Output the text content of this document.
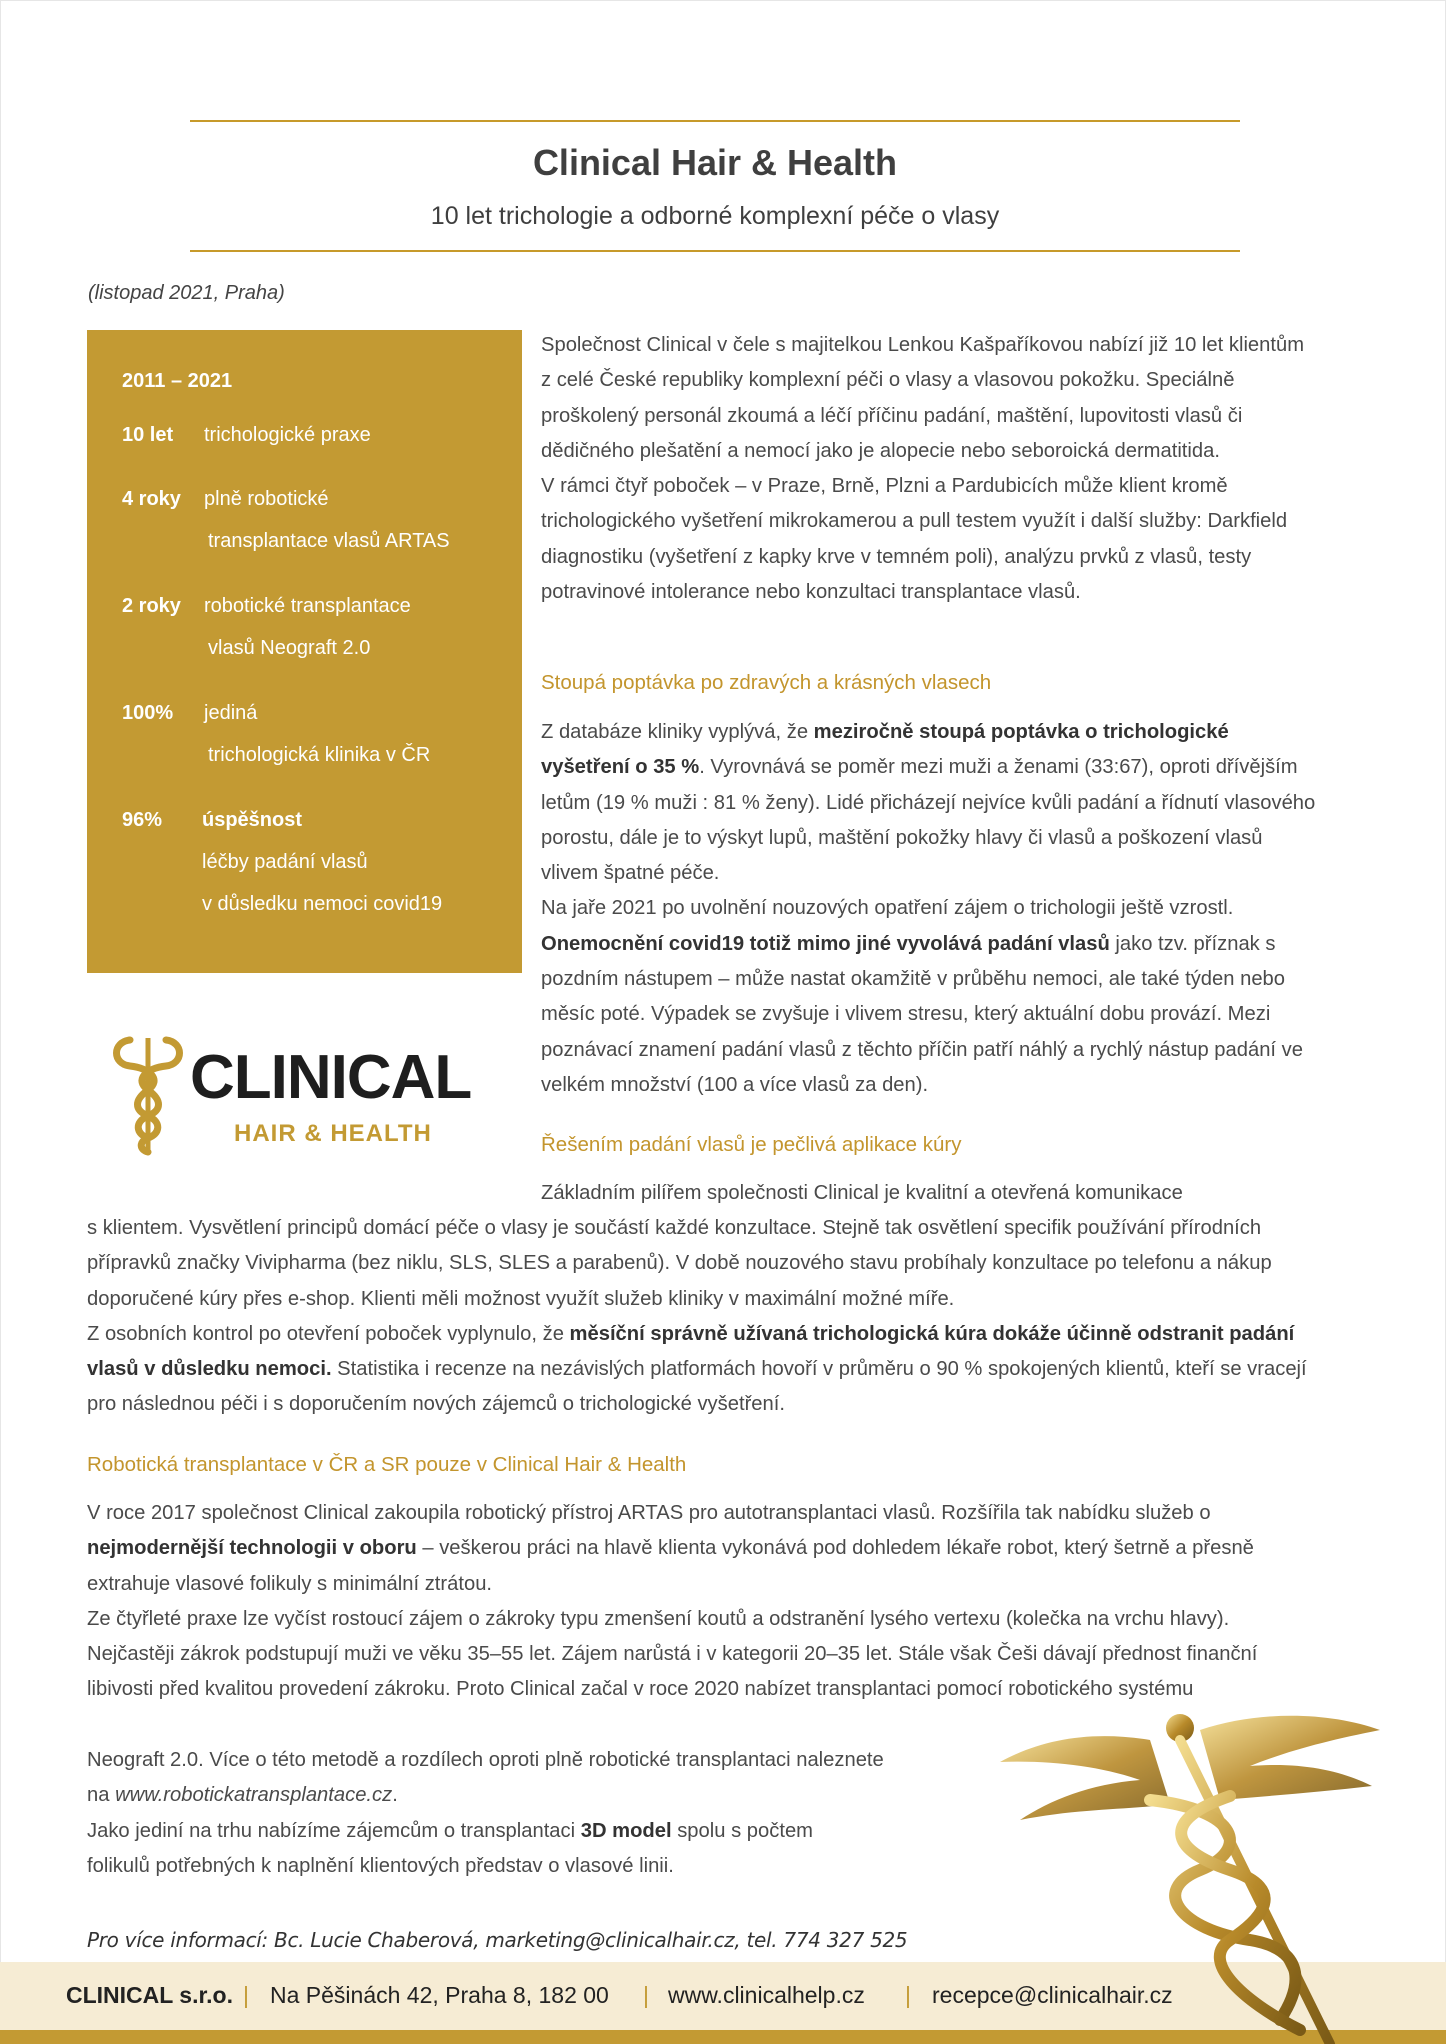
Clinical Hair & Health
10 let trichologie a odborné komplexní péče o vlasy
(listopad 2021, Praha)
2011 – 2021
10 let trichologické praxe
4 roky plně robotické
transplantace vlasů ARTAS
2 roky robotické transplantace
vlasů Neograft 2.0
100% jediná
trichologická klinika v ČR
96% úspěšnost
léčby padání vlasů
v důsledku nemoci covid19
CLINICAL
HAIR & HEALTH

Společnost Clinical v čele s majitelkou Lenkou Kašpaříkovou nabízí již 10 let klientům z celé České republiky komplexní péči o vlasy a vlasovou pokožku. Speciálně proškolený personál zkoumá a léčí příčinu padání, maštění, lupovitosti vlasů či dědičného plešatění a nemocí jako je alopecie nebo seboroická dermatitida.

V rámci čtyř poboček – v Praze, Brně, Plzni a Pardubicích může klient kromě trichologického vyšetření mikrokamerou a pull testem využít i další služby: Darkfield diagnostiku (vyšetření z kapky krve v temném poli), analýzu prvků z vlasů, testy potravinové intolerance nebo konzultaci transplantace vlasů.

Stoupá poptávka po zdravých a krásných vlasech

Z databáze kliniky vyplývá, že meziročně stoupá poptávka o trichologické vyšetření o 35 %. Vyrovnává se poměr mezi muži a ženami (33:67), oproti dřívějším letům (19 % muži : 81 % ženy). Lidé přicházejí nejvíce kvůli padání a řídnutí vlasového porostu, dále je to výskyt lupů, maštění pokožky hlavy či vlasů a poškození vlasů vlivem špatné péče.

Na jaře 2021 po uvolnění nouzových opatření zájem o trichologii ještě vzrostl. Onemocnění covid19 totiž mimo jiné vyvolává padání vlasů jako tzv. příznak s pozdním nástupem – může nastat okamžitě v průběhu nemoci, ale také týden nebo měsíc poté. Výpadek se zvyšuje i vlivem stresu, který aktuální dobu provází. Mezi poznávací znamení padání vlasů z těchto příčin patří náhlý a rychlý nástup padání ve velkém množství (100 a více vlasů za den).

Řešením padání vlasů je pečlivá aplikace kúry
Základním pilířem společnosti Clinical je kvalitní a otevřená komunikace

s klientem. Vysvětlení principů domácí péče o vlasy je součástí každé konzultace. Stejně tak osvětlení specifik používání přírodních přípravků značky Vivipharma (bez niklu, SLS, SLES a parabenů). V době nouzového stavu probíhaly konzultace po telefonu a nákup doporučené kúry přes e-shop. Klienti měli možnost využít služeb kliniky v maximální možné míře.

Z osobních kontrol po otevření poboček vyplynulo, že měsíční správně užívaná trichologická kúra dokáže účinně odstranit padání vlasů v důsledku nemoci. Statistika i recenze na nezávislých platformách hovoří v průměru o 90 % spokojených klientů, kteří se vracejí pro následnou péči i s doporučením nových zájemců o trichologické vyšetření.

Robotická transplantace v ČR a SR pouze v Clinical Hair & Health

V roce 2017 společnost Clinical zakoupila robotický přístroj ARTAS pro autotransplantaci vlasů. Rozšířila tak nabídku služeb o nejmodernější technologii v oboru – veškerou práci na hlavě klienta vykonává pod dohledem lékaře robot, který šetrně a přesně extrahuje vlasové folikuly s minimální ztrátou.

Ze čtyřleté praxe lze vyčíst rostoucí zájem o zákroky typu zmenšení koutů a odstranění lysého vertexu (kolečka na vrchu hlavy). Nejčastěji zákrok podstupují muži ve věku 35–55 let. Zájem narůstá i v kategorii 20–35 let. Stále však Češi dávají přednost finanční libivosti před kvalitou provedení zákroku. Proto Clinical začal v roce 2020 nabízet transplantaci pomocí robotického systému

Neograft 2.0. Více o této metodě a rozdílech oproti plně robotické transplantaci naleznete

na www.robotickatransplantace.cz.

Jako jediní na trhu nabízíme zájemcům o transplantaci 3D model spolu s počtem

folikulů potřebných k naplnění klientových představ o vlasové linii.

Pro více informací: Bc. Lucie Chaberová, marketing@clinicalhair.cz, tel. 774 327 525
CLINICAL s.r.o. | Na Pěšinách 42, Praha 8, 182 00 | www.clinicalhelp.cz | recepce@clinicalhair.cz
